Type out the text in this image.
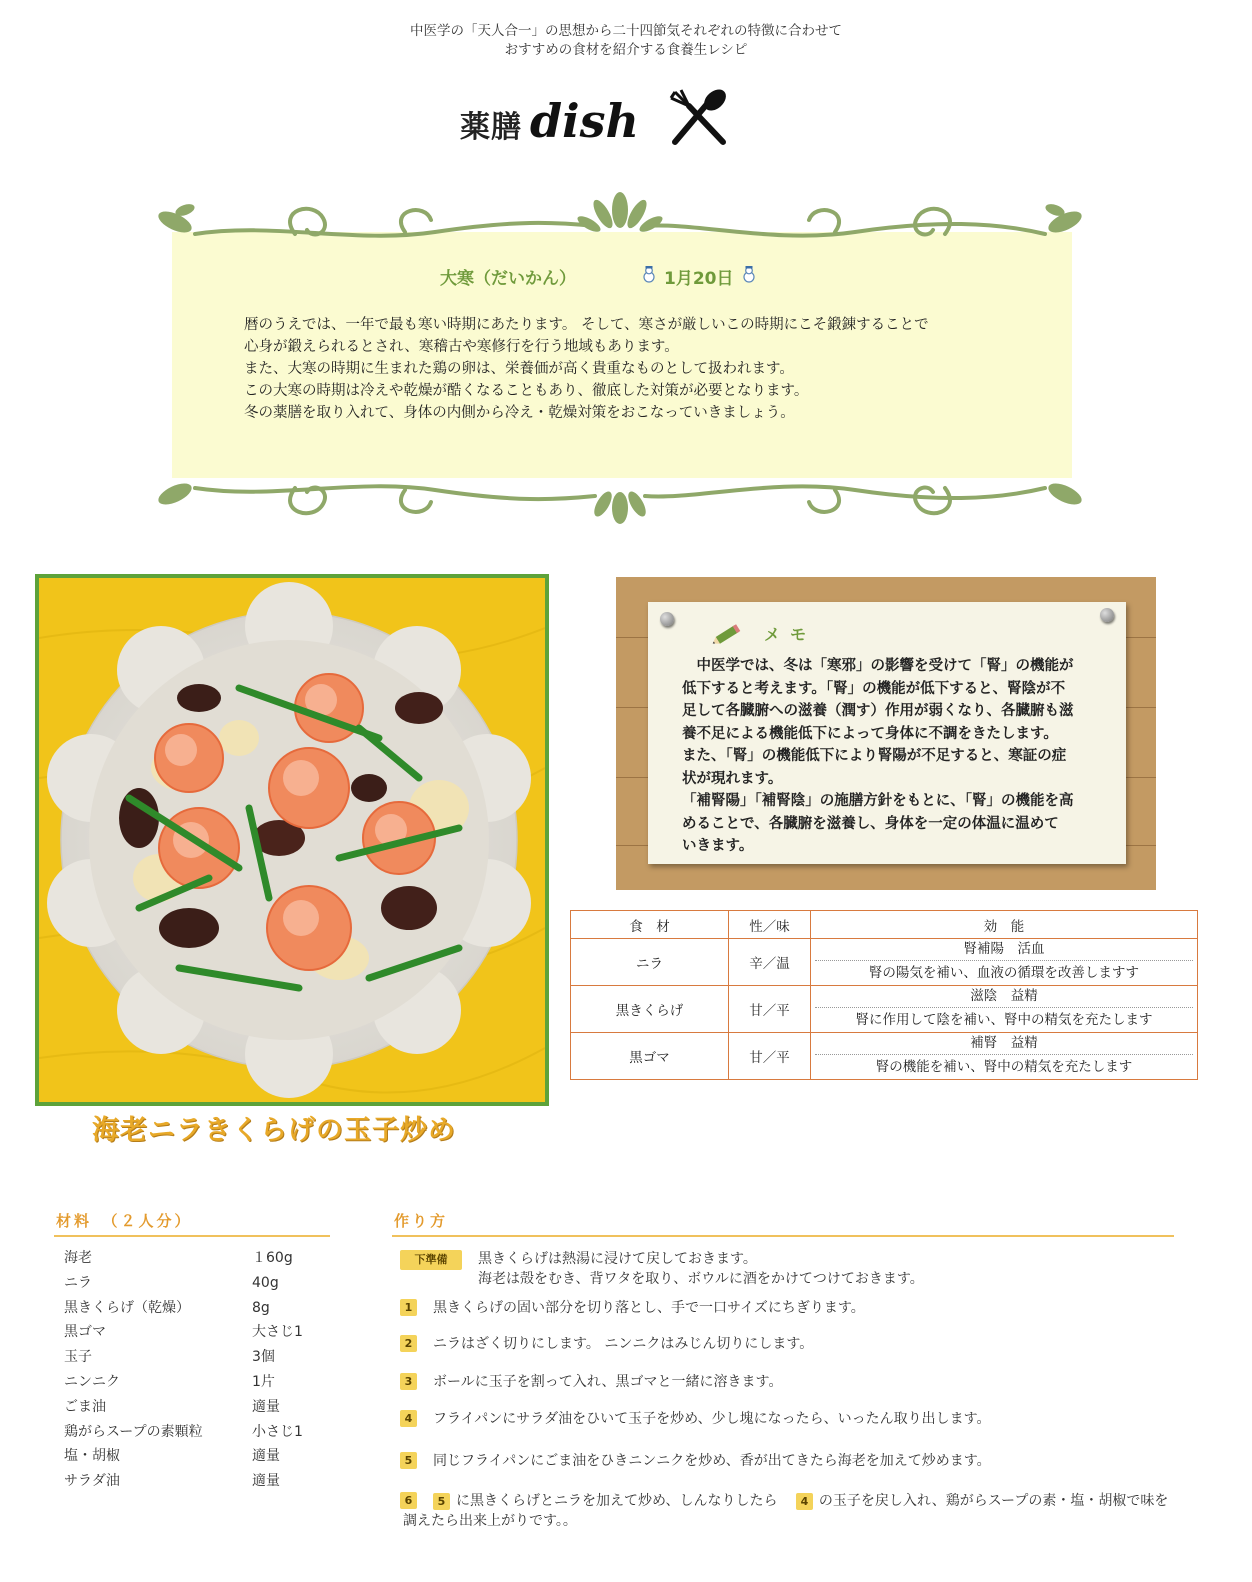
中医学の「天人合一」の思想から二十四節気それぞれの特徴に合わせて
おすすめの食材を紹介する食養生レシピ
薬膳 dish
大寒（だいかん）	1月20日

暦のうえでは、一年で最も寒い時期にあたります。 そして、寒さが厳しいこの時期にこそ鍛錬することで

心身が鍛えられるとされ、寒稽古や寒修行を行う地域もあります。

また、大寒の時期に生まれた鶏の卵は、栄養価が高く貴重なものとして扱われます。

この大寒の時期は冷えや乾燥が酷くなることもあり、徹底した対策が必要となります。

冬の薬膳を取り入れて、身体の内側から冷え・乾燥対策をおこなっていきましょう。

海老ニラきくらげの玉子炒め
メモ

　中医学では、冬は「寒邪」の影響を受けて「腎」の機能が

低下すると考えます。「腎」の機能が低下すると、腎陰が不

足して各臓腑への滋養（潤す）作用が弱くなり、各臓腑も滋

養不足による機能低下によって身体に不調をきたします。

また、「腎」の機能低下により腎陽が不足すると、寒証の症

状が現れます。

「補腎陽」「補腎陰」の施膳方針をもとに、「腎」の機能を高

めることで、各臓腑を滋養し、身体を一定の体温に温めて

いきます。

食　材	性／味	効　能
ニラ	辛／温	腎補陽　活血
腎の陽気を補い、血液の循環を改善しますす

黒きくらげ	甘／平	滋陰　益精
腎に作用して陰を補い、腎中の精気を充たします

黒ゴマ	甘／平	補腎　益精
腎の機能を補い、腎中の精気を充たします
材料　（２人分）
海老	１60g
ニラ	40g
黒きくらげ（乾燥）	8g
黒ゴマ	大さじ1
玉子	3個
ニンニク	1片
ごま油	適量
鶏がらスープの素顆粒	小さじ1
塩・胡椒	適量
サラダ油	適量
作り方
下準備	黒きくらげは熱湯に浸けて戻しておきます。
海老は殻をむき、背ワタを取り、ボウルに酒をかけてつけておきます。
1	黒きくらげの固い部分を切り落とし、手で一口サイズにちぎります。
2	ニラはざく切りにします。 ニンニクはみじん切りにします。
3	ボールに玉子を割って入れ、黒ゴマと一緒に溶きます。
4	フライパンにサラダ油をひいて玉子を炒め、少し塊になったら、いったん取り出します。
5	同じフライパンにごま油をひきニンニクを炒め、香が出てきたら海老を加えて炒めます。
6	5 に黒きくらげとニラを加えて炒め、しんなりしたら 4 の玉子を戻し入れ、鶏がらスープの素・塩・胡椒で味を
調えたら出来上がりです。。
